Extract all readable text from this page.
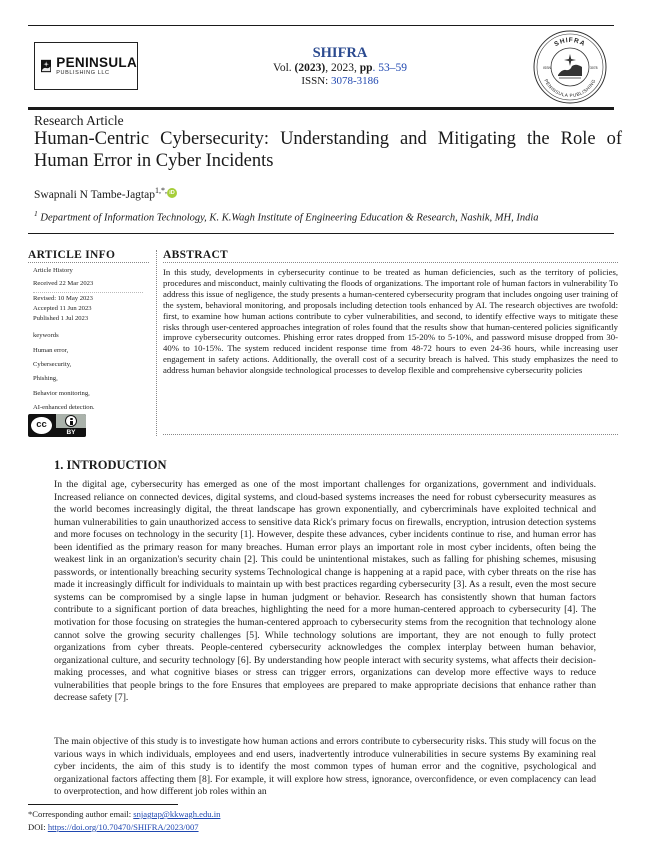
PENINSULA
PUBLISHING LLC
SHIFRA
Vol. (2023), 2023, pp. 53–59
ISSN: 3078-3186
SHIFRA
PENINSULA PUBLISHING
ISSN	3078
Research Article
Human-Centric Cybersecurity: Understanding and Mitigating the Role of Human Error in Cyber Incidents
Swapnali N Tambe-Jagtap$^{1,*,}$ iD
$^1$ Department of Information Technology, K. K.Wagh Institute of Engineering Education & Research, Nashik, MH, India
ARTICLE INFO
Article History
Received 22 Mar 2023
Revised: 10 May 2023
Accepted 11 Jun 2023
Published 1 Jul 2023
keywords
Human error,
Cybersecurity,
Phishing,
Behavior monitoring,
AI-enhanced detection.
cc
BY
ABSTRACT
In this study, developments in cybersecurity continue to be treated as human deficiencies, such as the territory of policies, procedures and misconduct, mainly cultivating the floods of organizations. The important role of human factors in vulnerability To address this issue of negligence, the study presents a human-centered cybersecurity program that includes ongoing user training of the system, behavioral monitoring, and proposals including detection tools enhanced by AI. The research objectives are twofold: first, to examine how human actions contribute to cyber vulnerabilities, and second, to identify effective ways to mitigate these risks through user-centered approaches integration of roles found that the results show that human-centered policies significantly improve cybersecurity outcomes. Phishing error rates dropped from 15-20% to 5-10%, and password misuse dropped from 30-40% to 10-15%. The system reduced incident response time from 48-72 hours to even 24-36 hours, while increasing user engagement in safety actions. Additionally, the overall cost of a security breach is halved. This study emphasizes the need to address human behavior alongside technological processes to develop flexible and comprehensive cybersecurity policies
1. INTRODUCTION
In the digital age, cybersecurity has emerged as one of the most important challenges for organizations, government and individuals. Increased reliance on connected devices, digital systems, and cloud-based systems increases the need for robust cybersecurity measures as the world becomes increasingly digital, the threat landscape has grown exponentially, and cybercriminals have exploited technical and human vulnerabilities to gain unauthorized access to sensitive data Rick's primary focus on firewalls, encryption, intrusion detection systems and more focuses on technology in the security [1]. However, despite these advances, cyber incidents continue to rise, and human error has been identified as the primary reason for many breaches. Human error plays an important role in most cyber incidents, often being the weakest link in an organization's security chain [2]. This could be unintentional mistakes, such as falling for phishing schemes, misusing passwords, or intentionally breaching security systems Technological change is happening at a rapid pace, with cyber threats on the rise has made it increasingly difficult for individuals to maintain up with best practices regarding cybersecurity [3]. As a result, even the most secure systems can be compromised by a single lapse in human judgment or behavior. Research has consistently shown that human factors contribute to a significant portion of data breaches, highlighting the need for a more human-centered approach to cybersecurity [4]. The motivation for those focusing on strategies the human-centered approach to cybersecurity stems from the recognition that technology alone cannot solve the growing security challenges [5]. While technology solutions are important, they are not enough to fully protect organizations from cyber threats. People-centered cybersecurity acknowledges the complex interplay between human behavior, organizational culture, and security technology [6]. By understanding how people interact with security systems, what affects their decision-making processes, and what cognitive biases or stress can trigger errors, organizations can develop more effective ways to reduce vulnerabilities that people brings to the fore Ensures that employees are prepared to make appropriate decisions that enhance rather than decrease safety [7].
The main objective of this study is to investigate how human actions and errors contribute to cybersecurity risks. This study will focus on the various ways in which individuals, employees and end users, inadvertently introduce vulnerabilities in secure systems By examining real cyber incidents, the aim of this study is to identify the most common types of human error and the cognitive, psychological and organizational factors affecting them [8]. For example, it will explore how stress, ignorance, overconfidence, or even complacency can lead to overprotection, and how different job roles within an
*Corresponding author email: snjagtap@kkwagh.edu.in
DOI: https://doi.org/10.70470/SHIFRA/2023/007
